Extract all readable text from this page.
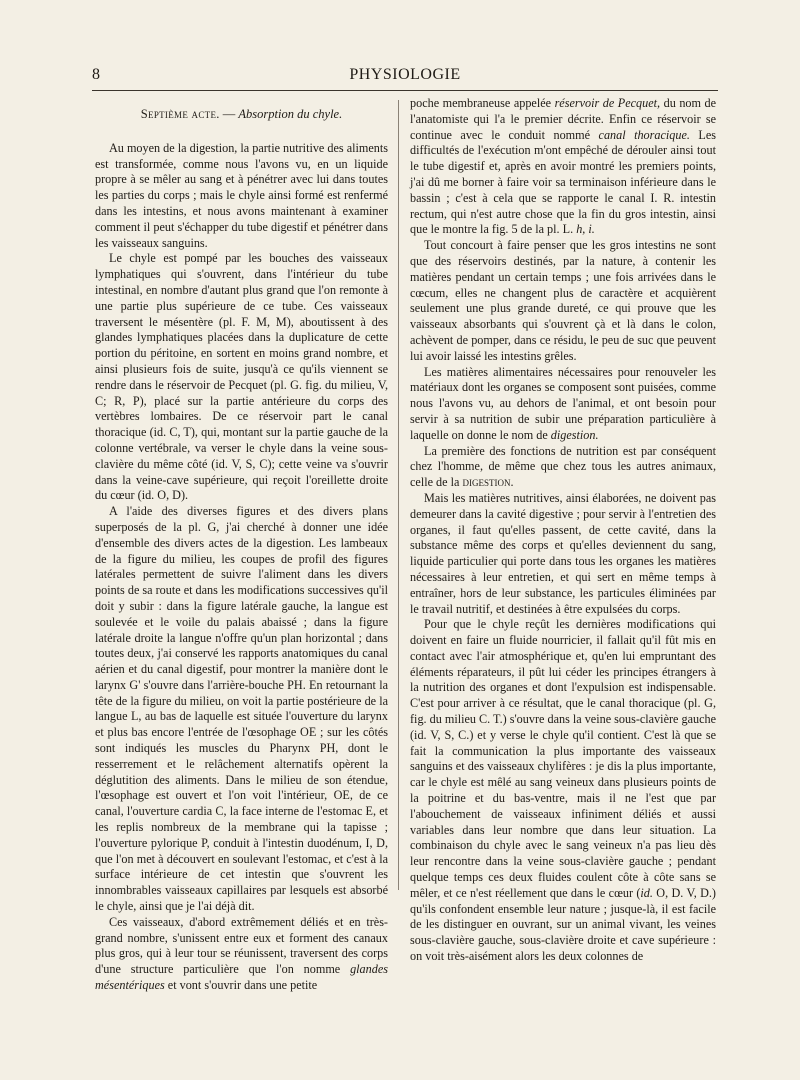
8	PHYSIOLOGIE
Septième acte. — Absorption du chyle.

Au moyen de la digestion, la partie nutritive des aliments est transformée, comme nous l'avons vu, en un liquide propre à se mêler au sang et à pénétrer avec lui dans toutes les parties du corps ; mais le chyle ainsi formé est renfermé dans les intestins, et nous avons maintenant à examiner comment il peut s'échapper du tube digestif et pénétrer dans les vaisseaux sanguins.

Le chyle est pompé par les bouches des vaisseaux lymphatiques qui s'ouvrent, dans l'intérieur du tube intestinal, en nombre d'autant plus grand que l'on remonte à une partie plus supérieure de ce tube. Ces vaisseaux traversent le mésentère (pl. F. M, M), aboutissent à des glandes lymphatiques placées dans la duplicature de cette portion du péritoine, en sortent en moins grand nombre, et ainsi plusieurs fois de suite, jusqu'à ce qu'ils viennent se rendre dans le réservoir de Pecquet (pl. G. fig. du milieu, V, C; R, P), placé sur la partie antérieure du corps des vertèbres lombaires. De ce réservoir part le canal thoracique (id. C, T), qui, montant sur la partie gauche de la colonne vertébrale, va verser le chyle dans la veine sous-clavière du même côté (id. V, S, C); cette veine va s'ouvrir dans la veine-cave supérieure, qui reçoit l'oreillette droite du cœur (id. O, D).

A l'aide des diverses figures et des divers plans superposés de la pl. G, j'ai cherché à donner une idée d'ensemble des divers actes de la digestion. Les lambeaux de la figure du milieu, les coupes de profil des figures latérales permettent de suivre l'aliment dans les divers points de sa route et dans les modifications successives qu'il doit y subir : dans la figure latérale gauche, la langue est soulevée et le voile du palais abaissé ; dans la figure latérale droite la langue n'offre qu'un plan horizontal ; dans toutes deux, j'ai conservé les rapports anatomiques du canal aérien et du canal digestif, pour montrer la manière dont le larynx G' s'ouvre dans l'arrière-bouche PH. En retournant la tête de la figure du milieu, on voit la partie postérieure de la langue L, au bas de laquelle est située l'ouverture du larynx et plus bas encore l'entrée de l'œsophage OE ; sur les côtés sont indiqués les muscles du Pharynx PH, dont le resserrement et le relâchement alternatifs opèrent la déglutition des aliments. Dans le milieu de son étendue, l'œsophage est ouvert et l'on voit l'intérieur, OE, de ce canal, l'ouverture cardia C, la face interne de l'estomac E, et les replis nombreux de la membrane qui la tapisse ; l'ouverture pylorique P, conduit à l'intestin duodénum, I, D, que l'on met à découvert en soulevant l'estomac, et c'est à la surface intérieure de cet intestin que s'ouvrent les innombrables vaisseaux capillaires par lesquels est absorbé le chyle, ainsi que je l'ai déjà dit.

Ces vaisseaux, d'abord extrêmement déliés et en très-grand nombre, s'unissent entre eux et forment des canaux plus gros, qui à leur tour se réunissent, traversent des corps d'une structure particulière que l'on nomme glandes mésentériques et vont s'ouvrir dans une petite

poche membraneuse appelée réservoir de Pecquet, du nom de l'anatomiste qui l'a le premier décrite. Enfin ce réservoir se continue avec le conduit nommé canal thoracique. Les difficultés de l'exécution m'ont empêché de dérouler ainsi tout le tube digestif et, après en avoir montré les premiers points, j'ai dû me borner à faire voir sa terminaison inférieure dans le bassin ; c'est à cela que se rapporte le canal I. R. intestin rectum, qui n'est autre chose que la fin du gros intestin, ainsi que le montre la fig. 5 de la pl. L. h, i.

Tout concourt à faire penser que les gros intestins ne sont que des réservoirs destinés, par la nature, à contenir les matières pendant un certain temps ; une fois arrivées dans le cœcum, elles ne changent plus de caractère et acquièrent seulement une plus grande dureté, ce qui prouve que les vaisseaux absorbants qui s'ouvrent çà et là dans le colon, achèvent de pomper, dans ce résidu, le peu de suc que peuvent lui avoir laissé les intestins grêles.

Les matières alimentaires nécessaires pour renouveler les matériaux dont les organes se composent sont puisées, comme nous l'avons vu, au dehors de l'animal, et ont besoin pour servir à sa nutrition de subir une préparation particulière à laquelle on donne le nom de digestion.

La première des fonctions de nutrition est par conséquent chez l'homme, de même que chez tous les autres animaux, celle de la digestion.

Mais les matières nutritives, ainsi élaborées, ne doivent pas demeurer dans la cavité digestive ; pour servir à l'entretien des organes, il faut qu'elles passent, de cette cavité, dans la substance même des corps et qu'elles deviennent du sang, liquide particulier qui porte dans tous les organes les matières nécessaires à leur entretien, et qui sert en même temps à entraîner, hors de leur substance, les particules éliminées par le travail nutritif, et destinées à être expulsées du corps.

Pour que le chyle reçût les dernières modifications qui doivent en faire un fluide nourricier, il fallait qu'il fût mis en contact avec l'air atmosphérique et, qu'en lui empruntant des éléments réparateurs, il pût lui céder les principes étrangers à la nutrition des organes et dont l'expulsion est indispensable. C'est pour arriver à ce résultat, que le canal thoracique (pl. G, fig. du milieu C. T.) s'ouvre dans la veine sous-clavière gauche (id. V, S, C.) et y verse le chyle qu'il contient. C'est là que se fait la communication la plus importante des vaisseaux sanguins et des vaisseaux chylifères : je dis la plus importante, car le chyle est mêlé au sang veineux dans plusieurs points de la poitrine et du bas-ventre, mais il ne l'est que par l'abouchement de vaisseaux infiniment déliés et aussi variables dans leur nombre que dans leur situation. La combinaison du chyle avec le sang veineux n'a pas lieu dès leur rencontre dans la veine sous-clavière gauche ; pendant quelque temps ces deux fluides coulent côte à côte sans se mêler, et ce n'est réellement que dans le cœur (id. O, D. V, D.) qu'ils confondent ensemble leur nature ; jusque-là, il est facile de les distinguer en ouvrant, sur un animal vivant, les veines sous-clavière gauche, sous-clavière droite et cave supérieure : on voit très-aisément alors les deux colonnes de
